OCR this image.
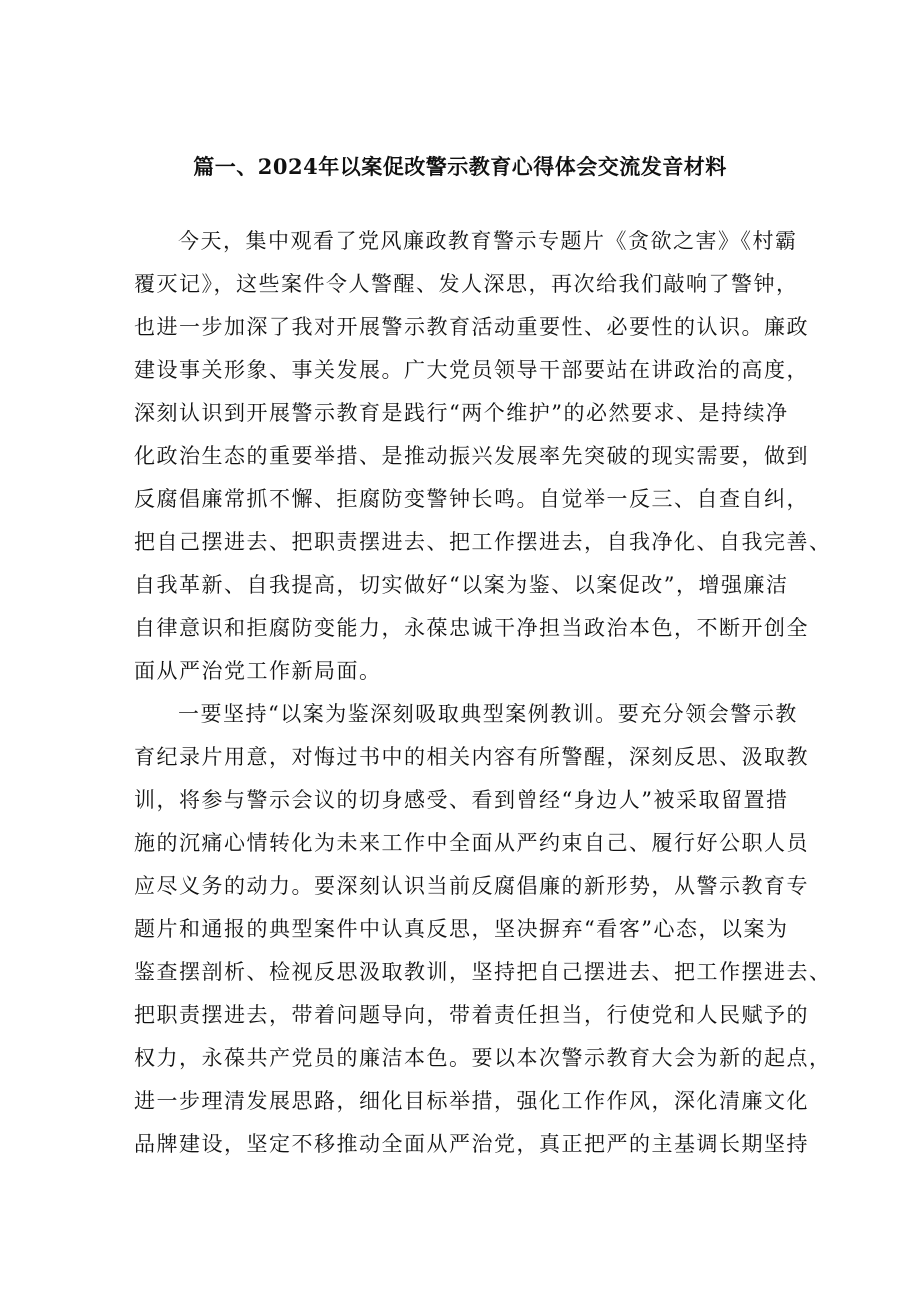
篇一、2024年以案促改警示教育心得体会交流发音材料
今天，集中观看了党风廉政教育警示专题片《贪欲之害》《村霸
覆灭记》，这些案件令人警醒、发人深思，再次给我们敲响了警钟，
也进一步加深了我对开展警示教育活动重要性、必要性的认识。廉政
建设事关形象、事关发展。广大党员领导干部要站在讲政治的高度，
深刻认识到开展警示教育是践行“两个维护”的必然要求、是持续净
化政治生态的重要举措、是推动振兴发展率先突破的现实需要，做到
反腐倡廉常抓不懈、拒腐防变警钟长鸣。自觉举一反三、自查自纠，
把自己摆进去、把职责摆进去、把工作摆进去，自我净化、自我完善、
自我革新、自我提高，切实做好“以案为鉴、以案促改”，增强廉洁
自律意识和拒腐防变能力，永葆忠诚干净担当政治本色，不断开创全
面从严治党工作新局面。
一要坚持“以案为鉴深刻吸取典型案例教训。要充分领会警示教
育纪录片用意，对悔过书中的相关内容有所警醒，深刻反思、汲取教
训，将参与警示会议的切身感受、看到曾经“身边人”被采取留置措
施的沉痛心情转化为未来工作中全面从严约束自己、履行好公职人员
应尽义务的动力。要深刻认识当前反腐倡廉的新形势，从警示教育专
题片和通报的典型案件中认真反思，坚决摒弃“看客”心态，以案为
鉴查摆剖析、检视反思汲取教训，坚持把自己摆进去、把工作摆进去、
把职责摆进去，带着问题导向，带着责任担当，行使党和人民赋予的
权力，永葆共产党员的廉洁本色。要以本次警示教育大会为新的起点，
进一步理清发展思路，细化目标举措，强化工作作风，深化清廉文化
品牌建设，坚定不移推动全面从严治党，真正把严的主基调长期坚持
